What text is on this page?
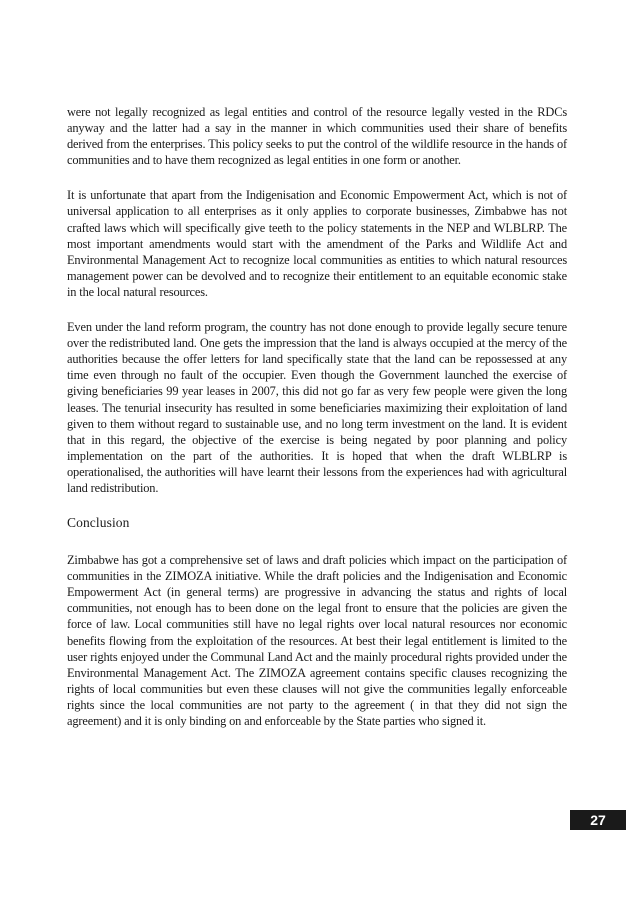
were not legally recognized as legal entities and control of the resource legally vested in the RDCs anyway and the latter had a say in the manner in which communities used their share of benefits derived from the enterprises. This policy seeks to put the control of the wildlife resource in the hands of communities and to have them recognized as legal entities in one form or another.

It is unfortunate that apart from the Indigenisation and Economic Empowerment Act, which is not of universal application to all enterprises as it only applies to corporate businesses, Zimbabwe has not crafted laws which will specifically give teeth to the policy statements in the NEP and WLBLRP. The most important amendments would start with the amendment of the Parks and Wildlife Act and Environmental Management Act to recognize local communities as entities to which natural resources management power can be devolved and to recognize their entitlement to an equitable economic stake in the local natural resources.

Even under the land reform program, the country has not done enough to provide legally secure tenure over the redistributed land. One gets the impression that the land is always occupied at the mercy of the authorities because the offer letters for land specifically state that the land can be repossessed at any time even through no fault of the occupier. Even though the Government launched the exercise of giving beneficiaries 99 year leases in 2007, this did not go far as very few people were given the long leases. The tenurial insecurity has resulted in some beneficiaries maximizing their exploitation of land given to them without regard to sustainable use, and no long term investment on the land. It is evident that in this regard, the objective of the exercise is being negated by poor planning and policy implementation on the part of the authorities. It is hoped that when the draft WLBLRP is operationalised, the authorities will have learnt their lessons from the experiences had with agricultural land redistribution.

Conclusion

Zimbabwe has got a comprehensive set of laws and draft policies which impact on the participation of communities in the ZIMOZA initiative. While the draft policies and the Indigenisation and Economic Empowerment Act (in general terms) are progressive in advancing the status and rights of local communities, not enough has to been done on the legal front to ensure that the policies are given the force of law. Local communities still have no legal rights over local natural resources nor economic benefits flowing from the exploitation of the resources. At best their legal entitlement is limited to the user rights enjoyed under the Communal Land Act and the mainly procedural rights provided under the Environmental Management Act. The ZIMOZA agreement contains specific clauses recognizing the rights of local communities but even these clauses will not give the communities legally enforceable rights since the local communities are not party to the agreement ( in that they did not sign the agreement) and it is only binding on and enforceable by the State parties who signed it.

27
